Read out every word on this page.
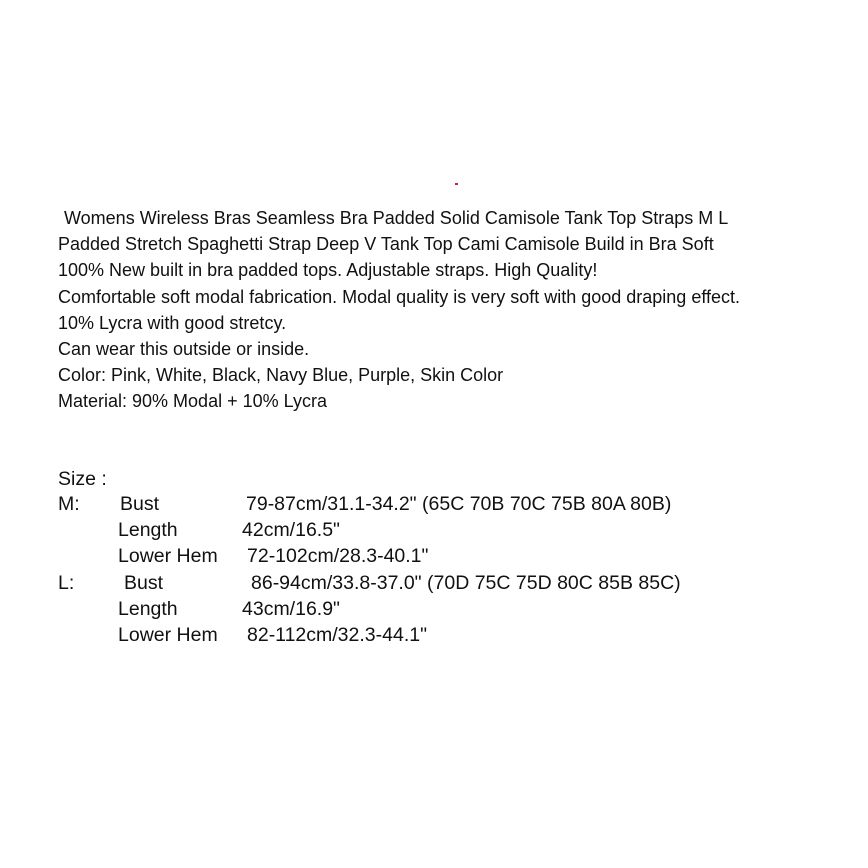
Womens Wireless Bras Seamless Bra Padded Solid Camisole Tank Top Straps M L
Padded Stretch Spaghetti Strap Deep V Tank Top Cami Camisole Build in Bra Soft
100% New built in bra padded tops. Adjustable straps. High Quality!
Comfortable soft modal fabrication. Modal quality is very soft with good draping effect.
10% Lycra with good stretcy.
Can wear this outside or inside.
Color: Pink, White, Black, Navy Blue, Purple, Skin Color
Material: 90% Modal + 10% Lycra
Size :
M: Bust	79-87cm/31.1-34.2" (65C 70B 70C 75B 80A 80B)
Length	42cm/16.5"
Lower Hem 72-102cm/28.3-40.1"
L:	Bust	86-94cm/33.8-37.0" (70D 75C 75D 80C 85B 85C)
Length	43cm/16.9"
Lower Hem 82-112cm/32.3-44.1"
